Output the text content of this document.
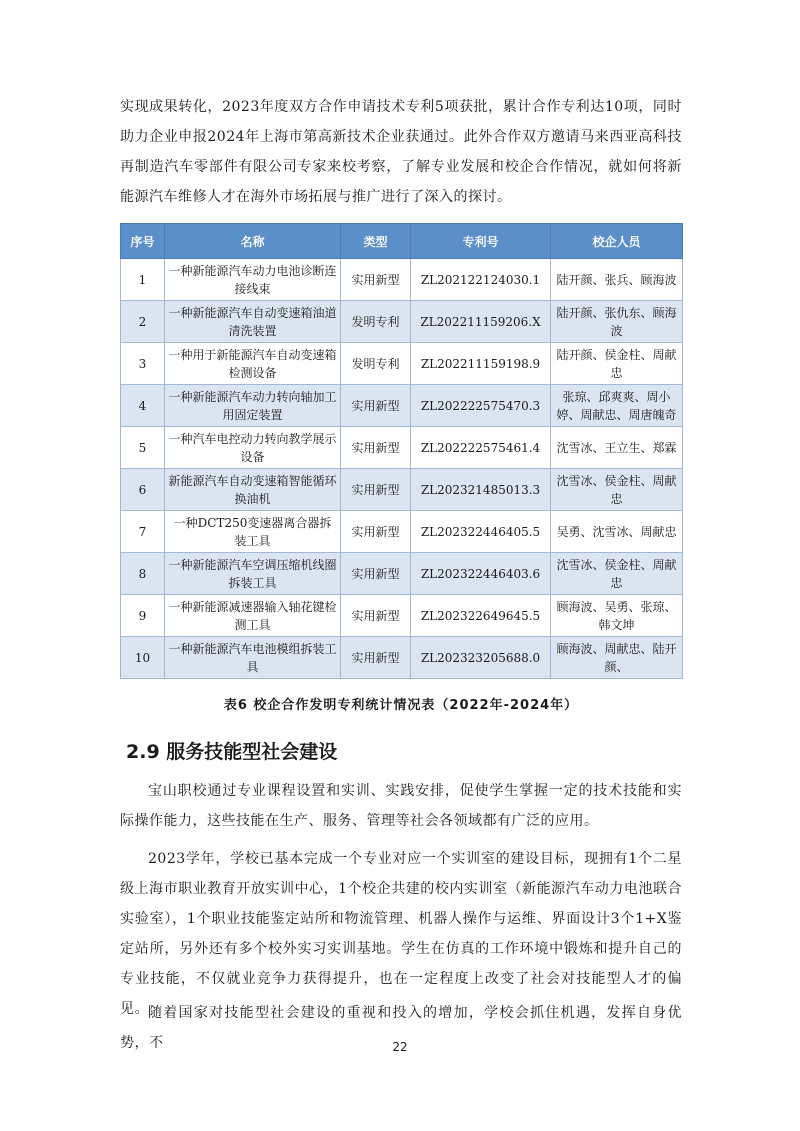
实现成果转化，2023年度双方合作申请技术专利5项获批，累计合作专利达10项，同时助力企业申报2024年上海市第高新技术企业获通过。此外合作双方邀请马来西亚高科技再制造汽车零部件有限公司专家来校考察，了解专业发展和校企合作情况，就如何将新能源汽车维修人才在海外市场拓展与推广进行了深入的探讨。

序号	名称	类型	专利号	校企人员
1	一种新能源汽车动力电池诊断连接线束	实用新型	ZL202122124030.1	陆开颜、张兵、顾海波
2	一种新能源汽车自动变速箱油道清洗装置	发明专利	ZL202211159206.X	陆开颜、张仇东、顾海波
3	一种用于新能源汽车自动变速箱检测设备	发明专利	ZL202211159198.9	陆开颜、侯金柱、周献忠
4	一种新能源汽车动力转向轴加工用固定装置	实用新型	ZL202222575470.3	张琼、邱爽爽、周小婷、周献忠、周唐魄奇
5	一种汽车电控动力转向教学展示设备	实用新型	ZL202222575461.4	沈雪冰、王立生、郑霖
6	新能源汽车自动变速箱智能循环换油机	实用新型	ZL202321485013.3	沈雪冰、侯金柱、周献忠
7	一种DCT250变速器离合器拆装工具	实用新型	ZL202322446405.5	吴勇、沈雪冰、周献忠
8	一种新能源汽车空调压缩机线圈拆装工具	实用新型	ZL202322446403.6	沈雪冰、侯金柱、周献忠
9	一种新能源减速器输入轴花键检测工具	实用新型	ZL202322649645.5	顾海波、吴勇、张琼、韩文坤
10	一种新能源汽车电池模组拆装工具	实用新型	ZL202323205688.0	顾海波、周献忠、陆开颜、
表6 校企合作发明专利统计情况表（2022年-2024年）
2.9 服务技能型社会建设

宝山职校通过专业课程设置和实训、实践安排，促使学生掌握一定的技术技能和实际操作能力，这些技能在生产、服务、管理等社会各领域都有广泛的应用。

2023学年，学校已基本完成一个专业对应一个实训室的建设目标，现拥有1个二星级上海市职业教育开放实训中心，1个校企共建的校内实训室（新能源汽车动力电池联合实验室），1个职业技能鉴定站所和物流管理、机器人操作与运维、界面设计3个1+X鉴定站所，另外还有多个校外实习实训基地。学生在仿真的工作环境中锻炼和提升自己的专业技能，不仅就业竞争力获得提升，也在一定程度上改变了社会对技能型人才的偏见。 随着国家对技能型社会建设的重视和投入的增加，学校会抓住机遇，发挥自身优势，不	22
